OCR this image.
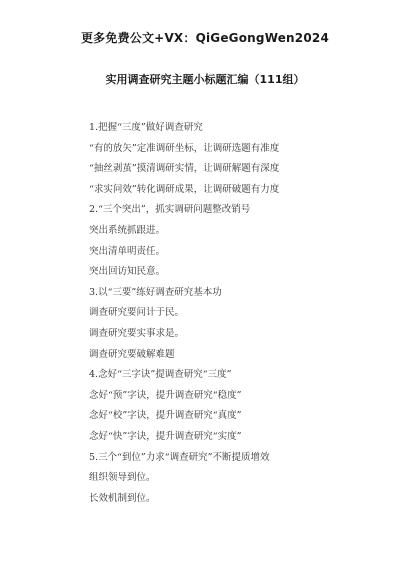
更多免费公文+VX：QiGeGongWen2024
实用调查研究主题小标题汇编（111组）
1.把握“三度”做好调查研究
“有的放矢”定准调研坐标，让调研选题有准度
“抽丝剥茧”摸清调研实情，让调研解题有深度
“求实问效”转化调研成果，让调研破题有力度
2.“三个突出”，抓实调研问题整改销号
突出系统抓跟进。
突出清单明责任。
突出回访知民意。
3.以“三要”练好调查研究基本功
调查研究要问计于民。
调查研究要实事求是。
调查研究要破解难题
4.念好“三字诀”提调查研究“三度”
念好“预”字诀，提升调查研究“稳度”
念好“校”字诀，提升调查研究“真度”
念好“快”字诀，提升调查研究“实度”
5.三个“到位”力求“调查研究”不断提质增效
组织领导到位。
长效机制到位。
